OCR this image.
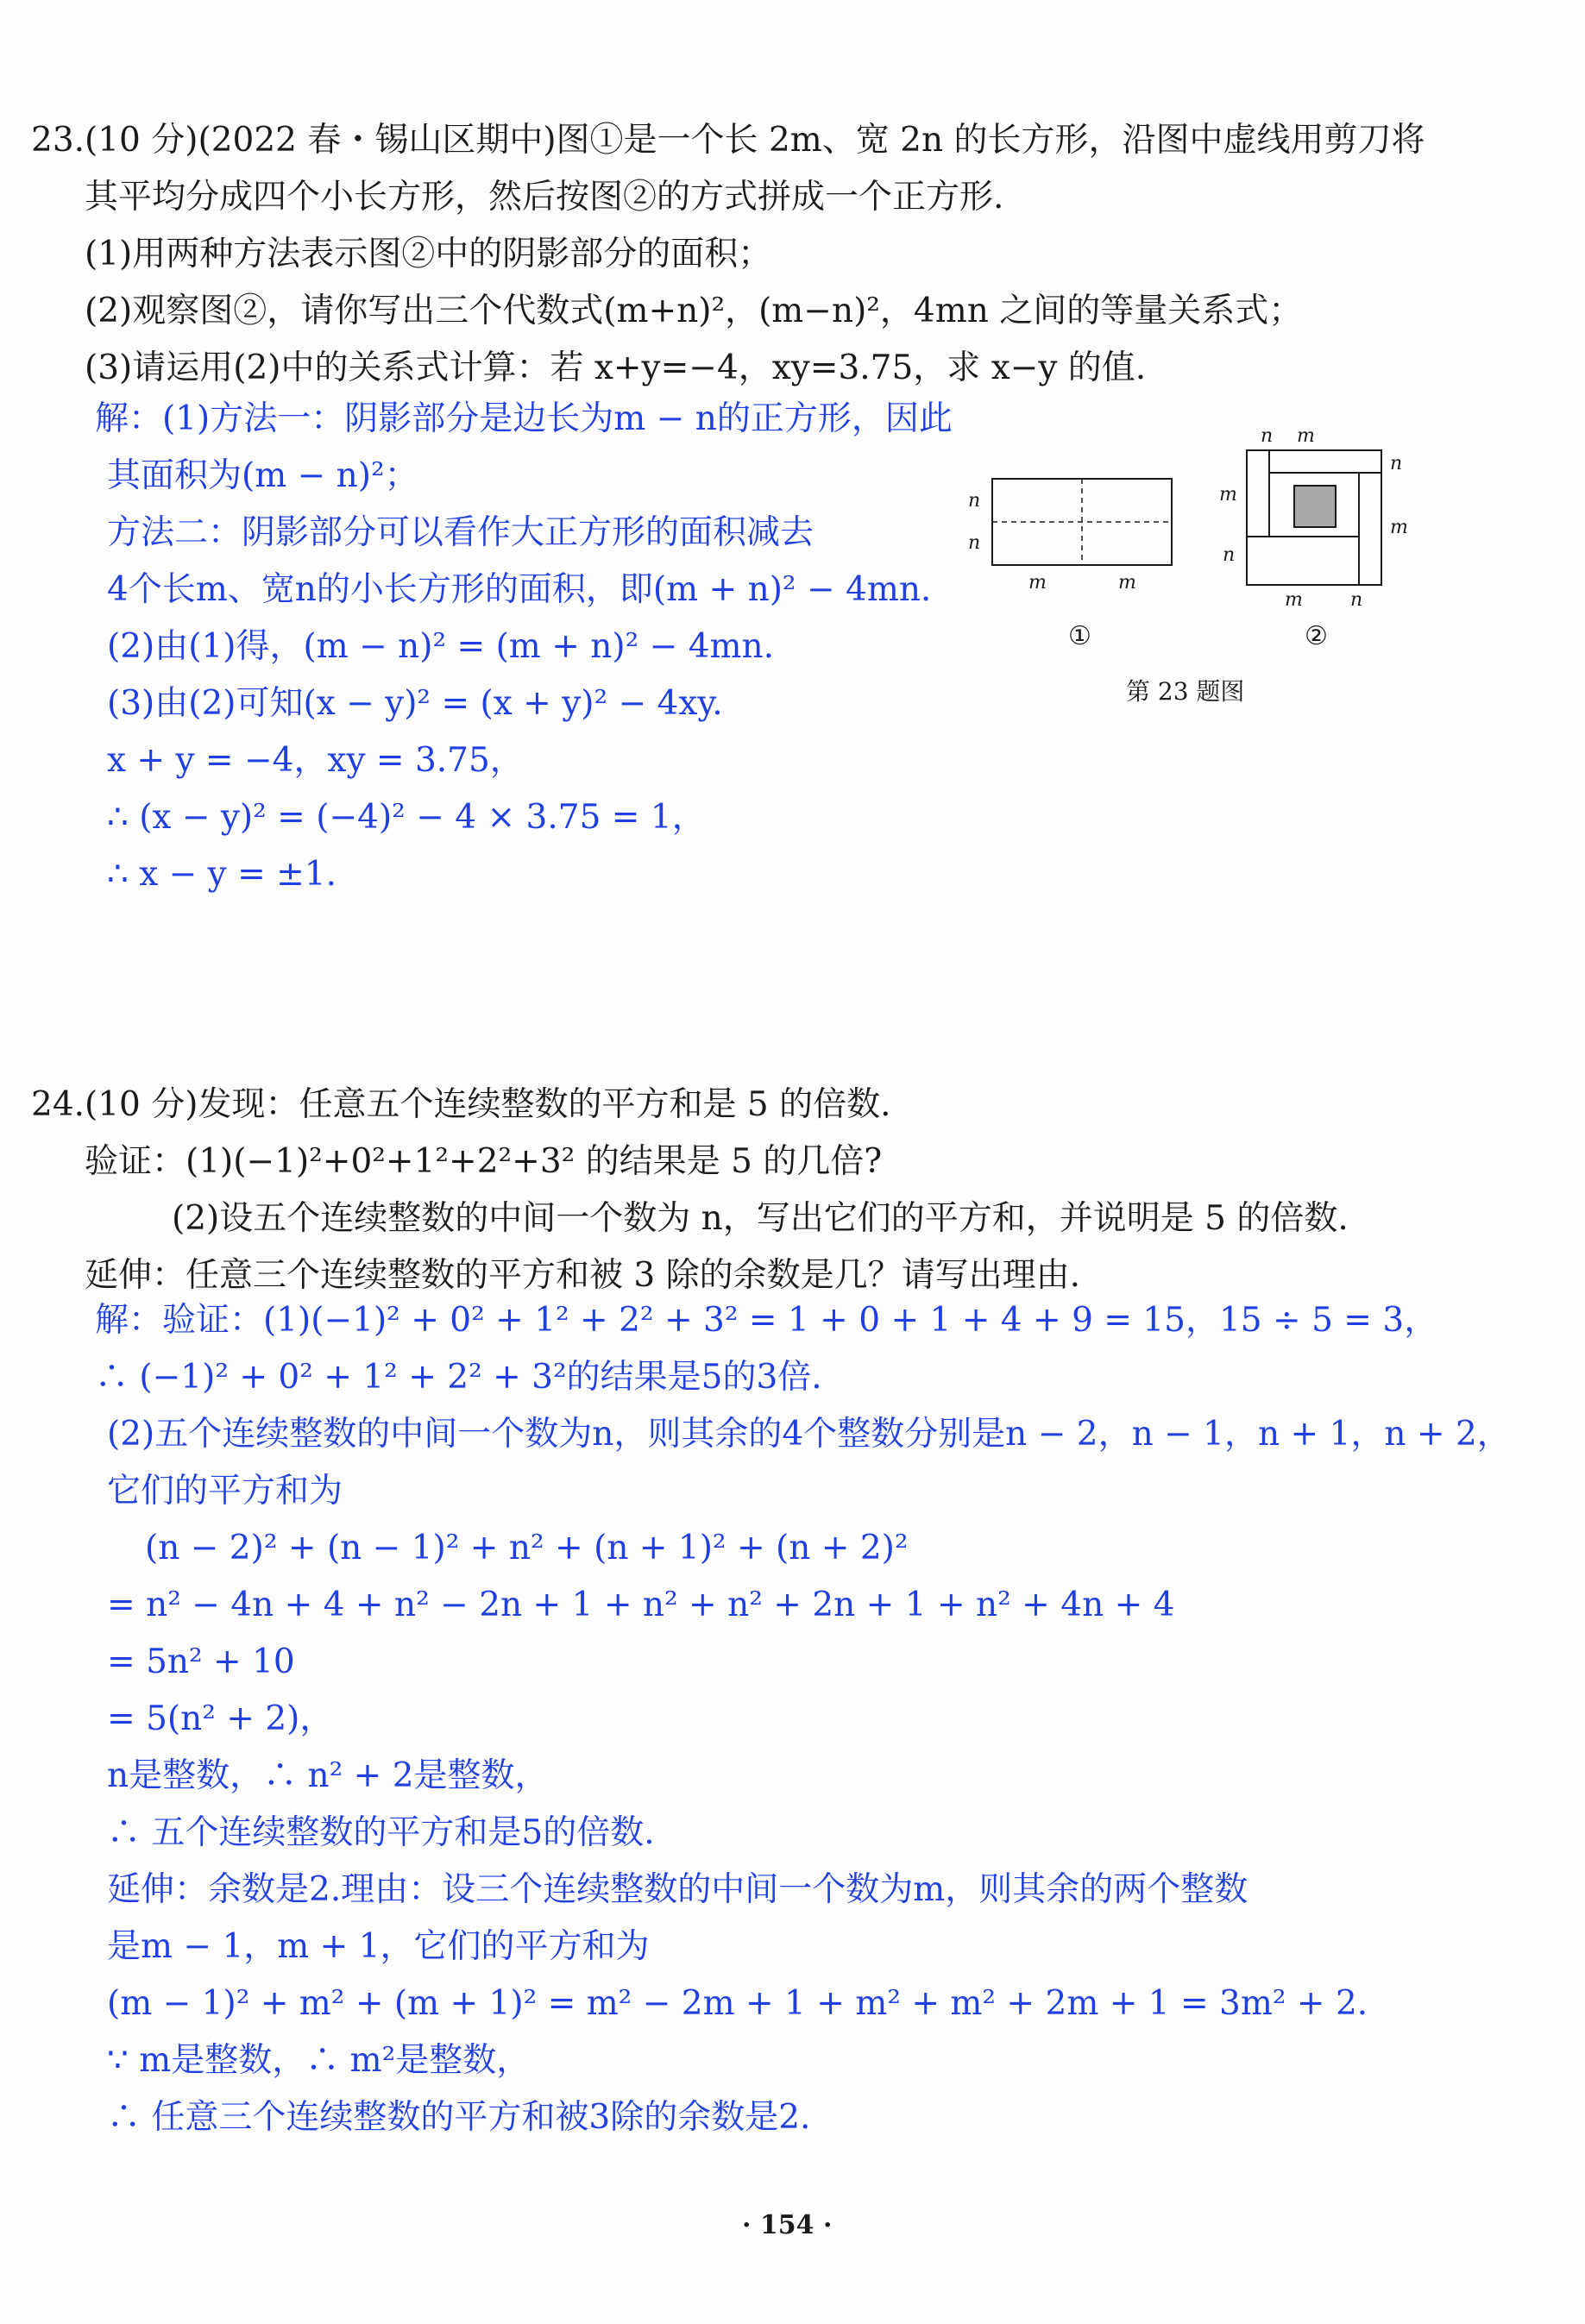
23.(10 分)(2022 春・锡山区期中)图①是一个长 2m、宽 2n 的长方形，沿图中虚线用剪刀将
其平均分成四个小长方形，然后按图②的方式拼成一个正方形.
(1)用两种方法表示图②中的阴影部分的面积；
(2)观察图②，请你写出三个代数式(m+n)²，(m−n)²，4mn 之间的等量关系式；
(3)请运用(2)中的关系式计算：若 x+y=−4，xy=3.75，求 x−y 的值.
解：(1)方法一：阴影部分是边长为m − n的正方形，因此
其面积为(m − n)²；
方法二：阴影部分可以看作大正方形的面积减去
4个长m、宽n的小长方形的面积，即(m + n)² − 4mn.
(2)由(1)得，(m − n)² = (m + n)² − 4mn.
(3)由(2)可知(x − y)² = (x + y)² − 4xy.
x + y = −4，xy = 3.75，
∴ (x − y)² = (−4)² − 4 × 3.75 = 1，
∴ x − y = ±1.
n
n
m	m
n m
m
n
n
m
m	n
①	②
第 23 题图
24.(10 分)发现：任意五个连续整数的平方和是 5 的倍数.
验证：(1)(−1)²+0²+1²+2²+3² 的结果是 5 的几倍?
(2)设五个连续整数的中间一个数为 n，写出它们的平方和，并说明是 5 的倍数.
延伸：任意三个连续整数的平方和被 3 除的余数是几？请写出理由.
解：验证：(1)(−1)² + 0² + 1² + 2² + 3² = 1 + 0 + 1 + 4 + 9 = 15，15 ÷ 5 = 3，
∴ (−1)² + 0² + 1² + 2² + 3²的结果是5的3倍.
(2)五个连续整数的中间一个数为n，则其余的4个整数分别是n − 2，n − 1，n + 1，n + 2，
它们的平方和为
(n − 2)² + (n − 1)² + n² + (n + 1)² + (n + 2)²
= n² − 4n + 4 + n² − 2n + 1 + n² + n² + 2n + 1 + n² + 4n + 4
= 5n² + 10
= 5(n² + 2)，
n是整数，∴ n² + 2是整数，
∴ 五个连续整数的平方和是5的倍数.
延伸：余数是2.理由：设三个连续整数的中间一个数为m，则其余的两个整数
是m − 1，m + 1，它们的平方和为
(m − 1)² + m² + (m + 1)² = m² − 2m + 1 + m² + m² + 2m + 1 = 3m² + 2.
∵ m是整数，∴ m²是整数，
∴ 任意三个连续整数的平方和被3除的余数是2.
· 154 ·
